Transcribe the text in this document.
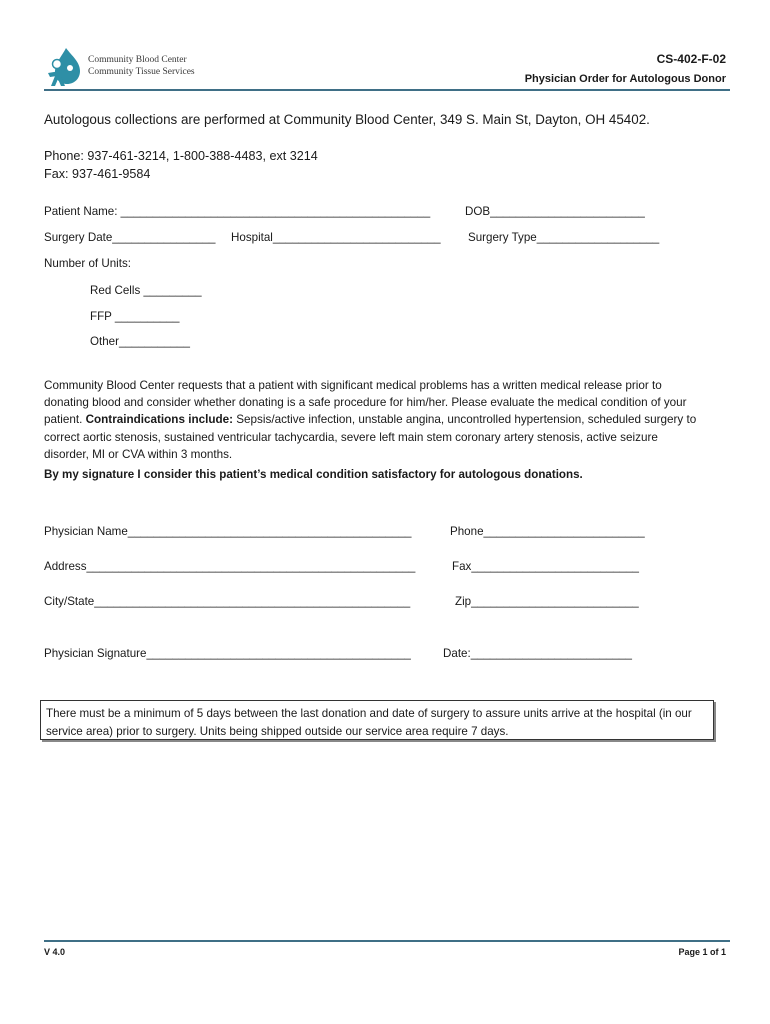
Community Blood Center
Community Tissue Services
CS-402-F-02
Physician Order for Autologous Donor
Autologous collections are performed at Community Blood Center, 349 S. Main St, Dayton, OH 45402.
Phone: 937-461-3214, 1-800-388-4483, ext 3214
Fax: 937-461-9584
Patient Name: ________________________________________________	DOB________________________
Surgery Date________________ Hospital__________________________ Surgery Type___________________
Number of Units:
Red Cells _________
FFP __________
Other___________
Community Blood Center requests that a patient with significant medical problems has a written medical release prior to donating blood and consider whether donating is a safe procedure for him/her. Please evaluate the medical condition of your patient. Contraindications include: Sepsis/active infection, unstable angina, uncontrolled hypertension, scheduled surgery to correct aortic stenosis, sustained ventricular tachycardia, severe left main stem coronary artery stenosis, active seizure disorder, MI or CVA within 3 months.
By my signature I consider this patient’s medical condition satisfactory for autologous donations.
Physician Name____________________________________________	Phone_________________________
Address___________________________________________________	Fax__________________________
City/State_________________________________________________	Zip__________________________
Physician Signature_________________________________________	Date:_________________________
There must be a minimum of 5 days between the last donation and date of surgery to assure units arrive at the hospital (in our service area) prior to surgery. Units being shipped outside our service area require 7 days.
V 4.0	Page 1 of 1
